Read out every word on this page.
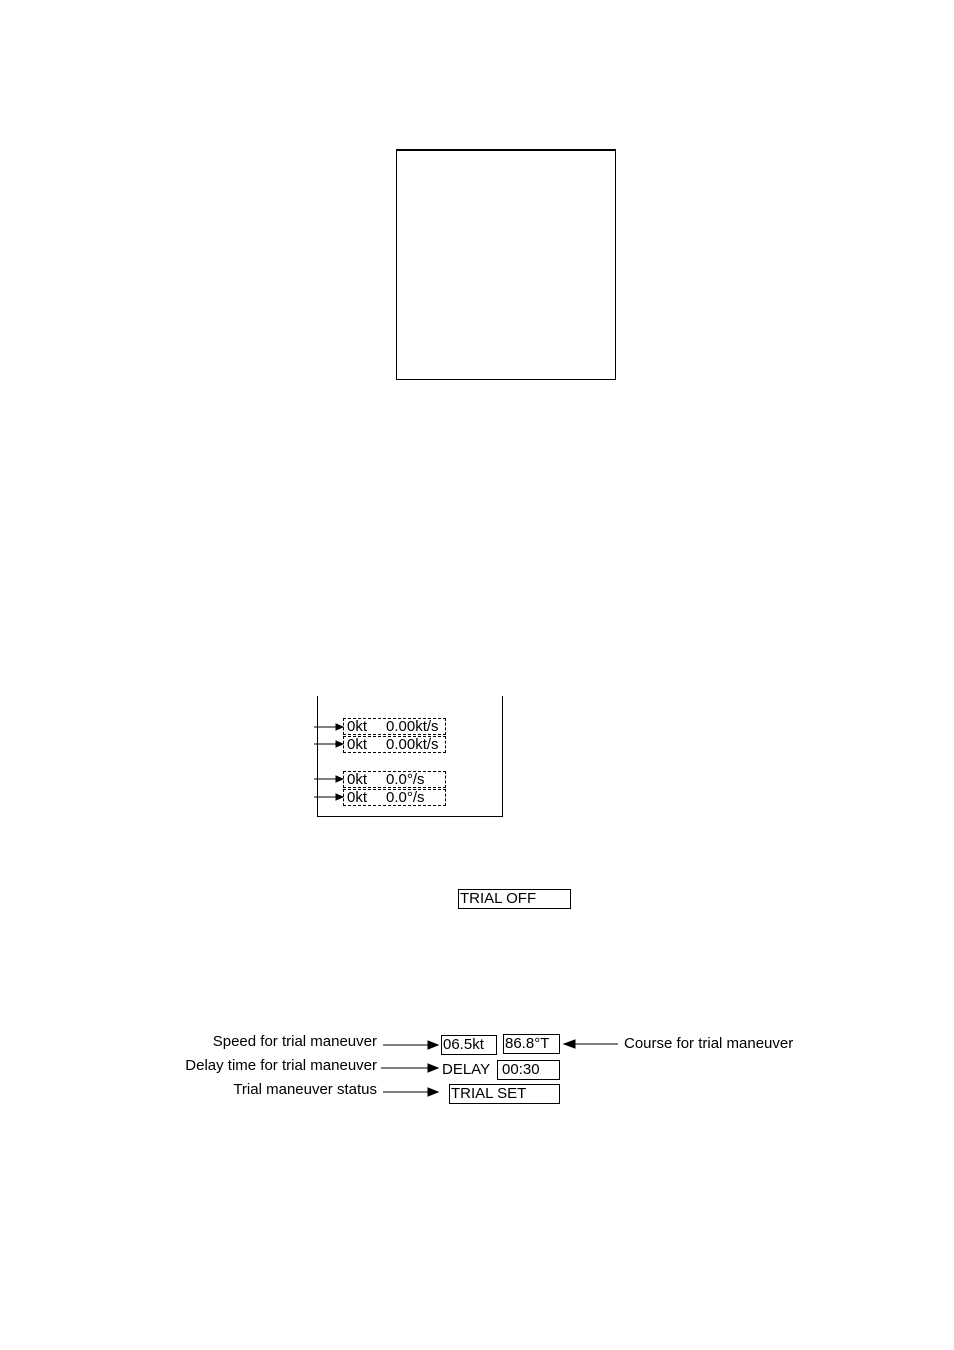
0kt 0.00kt/s
0kt 0.00kt/s
0kt 0.0°/s
0kt 0.0°/s
TRIAL OFF
06.5kt 86.8°T
DELAY 00:30
TRIAL SET
Speed for trial maneuver
Delay time for trial maneuver
Trial maneuver status
Course for trial maneuver
